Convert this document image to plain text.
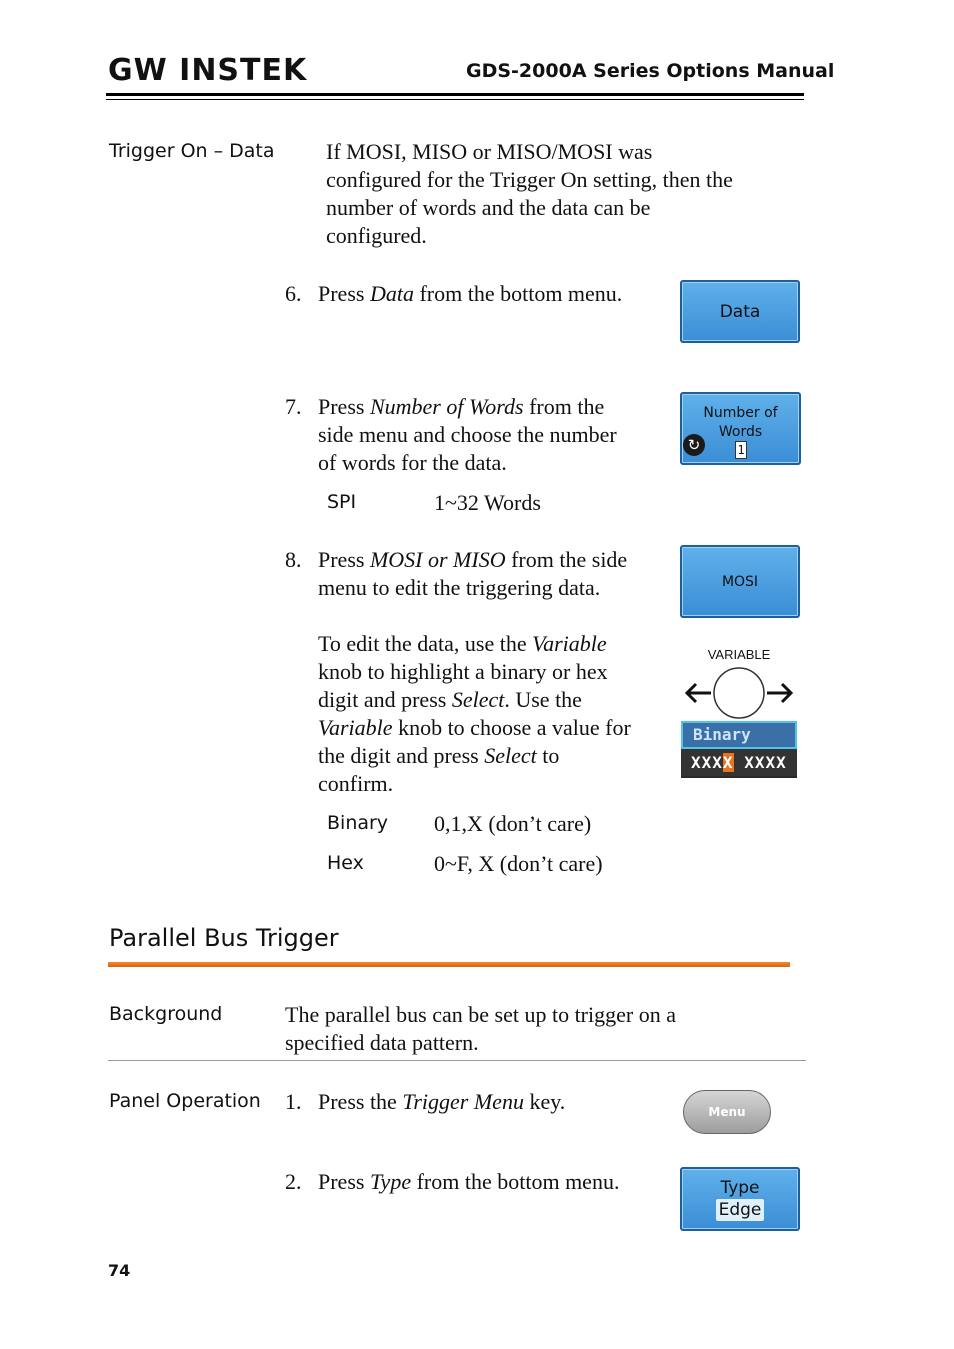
GW INSTEK	GDS-2000A Series Options Manual
Trigger On – Data If MOSI, MISO or MISO/MOSI was
configured for the Trigger On setting, then the
number of words and the data can be
configured.
6. Press Data from the bottom menu.
Data
7. Press Number of Words from the
side menu and choose the number
of words for the data.
Number of
Words
↻	1
SPI	1~32 Words
8. Press MOSI or MISO from the side
menu to edit the triggering data.	MOSI
To edit the data, use the Variable
knob to highlight a binary or hex
digit and press Select. Use the
Variable knob to choose a value for
the digit and press Select to
confirm.
VARIABLE
Binary
XXXX XXXX
Binary 0,1,X (don’t care)
Hex	0~F, X (don’t care)
Parallel Bus Trigger
Background	The parallel bus can be set up to trigger on a
specified data pattern.
Panel Operation 1. Press the Trigger Menu key.	Menu
2. Press Type from the bottom menu.	Type
Edge
74
